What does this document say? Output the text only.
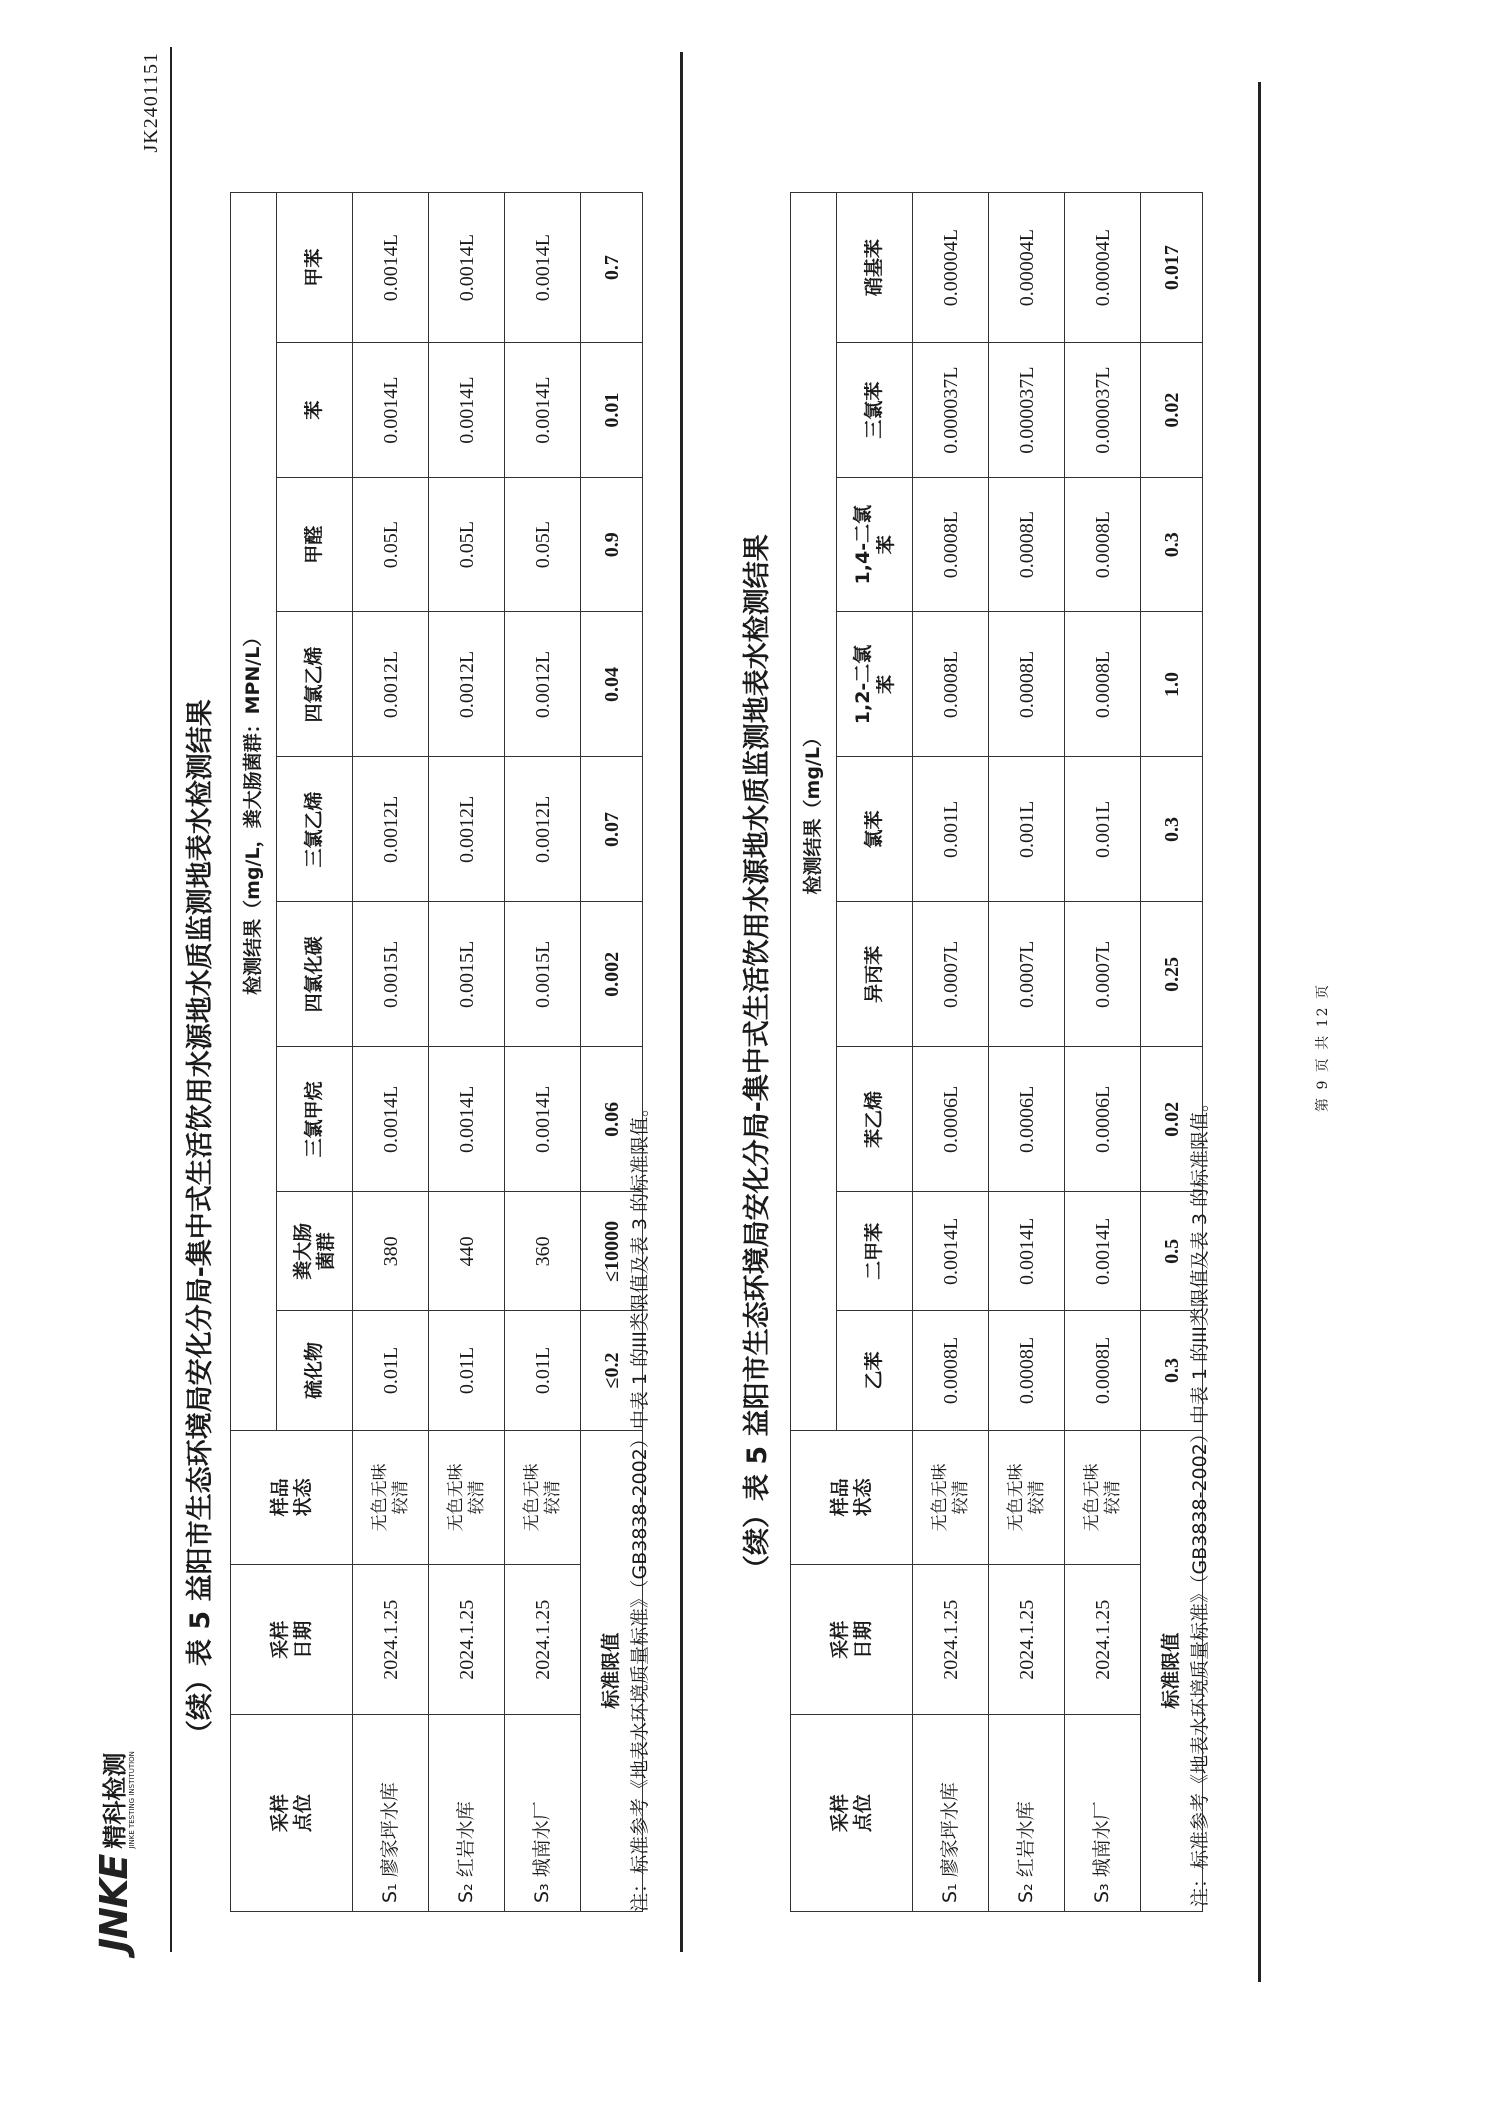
JNKE
精科检测 JINKE TESTING INSTITUTION
JK2401151
（续）表 5 益阳市生态环境局安化分局-集中式生活饮用水源地水质监测地表水检测结果
采样
点位	采样
日期	样品
状态	检测结果（mg/L，粪大肠菌群：MPN/L）								
			硫化物	粪大肠
菌群	三氯甲烷	四氯化碳	三氯乙烯	四氯乙烯	甲醛	苯	甲苯
S₁ 廖家坪水库	2024.1.25	无色无味
较清	0.01L	380	0.0014L	0.0015L	0.0012L	0.0012L	0.05L	0.0014L	0.0014L
S₂ 红岩水库	2024.1.25	无色无味
较清	0.01L	440	0.0014L	0.0015L	0.0012L	0.0012L	0.05L	0.0014L	0.0014L
S₃ 城南水厂	2024.1.25	无色无味
较清	0.01L	360	0.0014L	0.0015L	0.0012L	0.0012L	0.05L	0.0014L	0.0014L
标准限值			≤0.2	≤10000	0.06	0.002	0.07	0.04	0.9	0.01	0.7
注：标准参考《地表水环境质量标准》（GB3838-2002）中表 1 的III类限值及表 3 的标准限值。	（续）表 5 益阳市生态环境局安化分局-集中式生活饮用水源地水质监测地表水检测结果
采样
点位	采样
日期	样品
状态	检测结果（mg/L）								
			乙苯	二甲苯	苯乙烯	异丙苯	氯苯	1,2-二氯
苯	1,4-二氯
苯	三氯苯	硝基苯
S₁ 廖家坪水库	2024.1.25	无色无味
较清	0.0008L	0.0014L	0.0006L	0.0007L	0.001L	0.0008L	0.0008L	0.000037L	0.00004L
S₂ 红岩水库	2024.1.25	无色无味
较清	0.0008L	0.0014L	0.0006L	0.0007L	0.001L	0.0008L	0.0008L	0.000037L	0.00004L
S₃ 城南水厂	2024.1.25	无色无味
较清	0.0008L	0.0014L	0.0006L	0.0007L	0.001L	0.0008L	0.0008L	0.000037L	0.00004L
标准限值			0.3	0.5	0.02	0.25	0.3	1.0	0.3	0.02	0.017
注：标准参考《地表水环境质量标准》（GB3838-2002）中表 1 的III类限值及表 3 的标准限值。
第 9 页 共 12 页
